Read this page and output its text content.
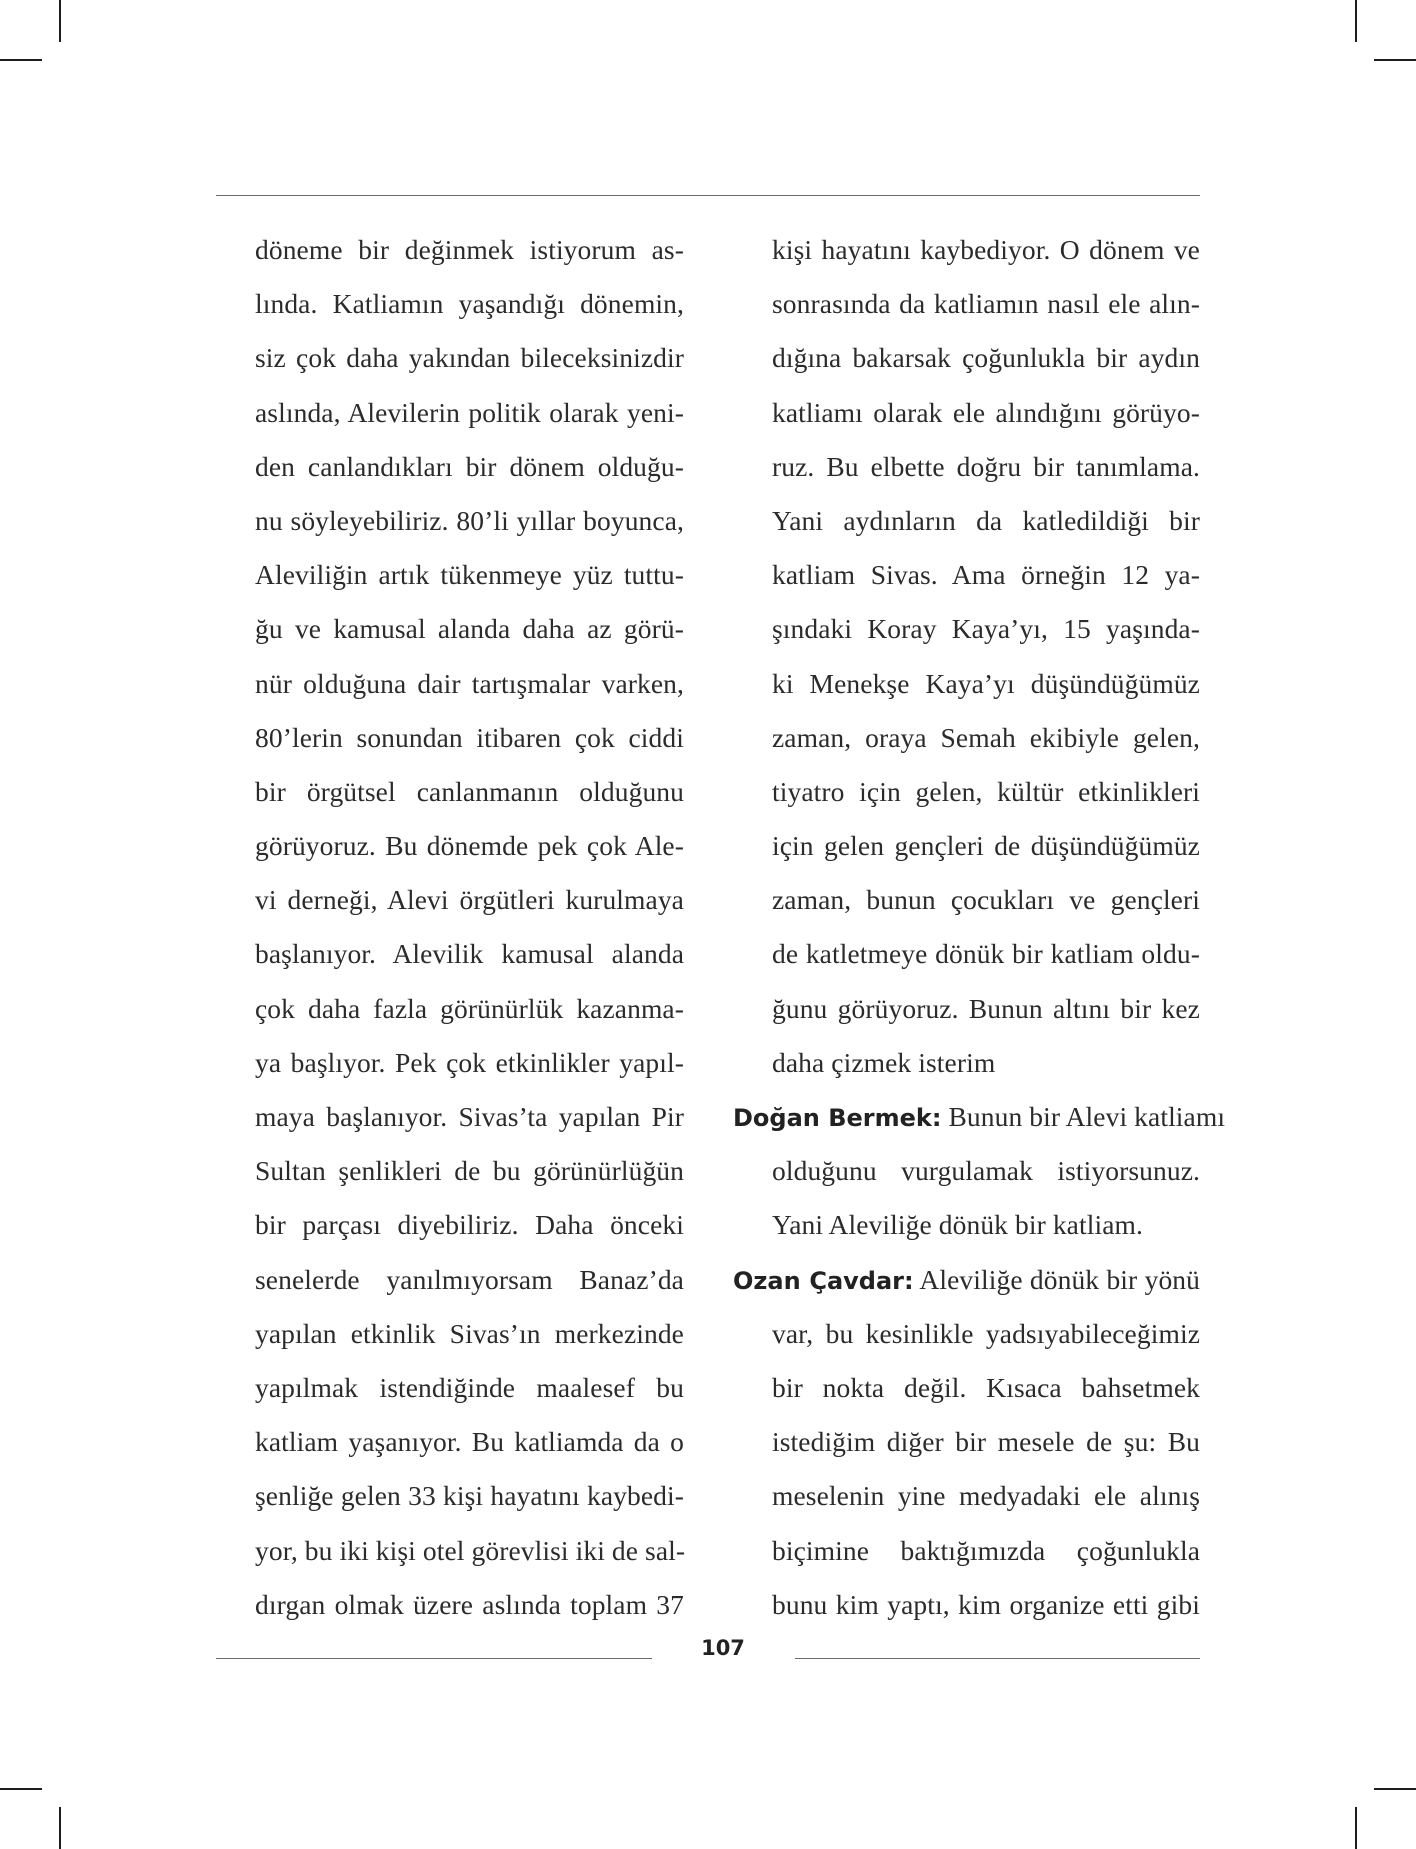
döneme bir değinmek istiyorum as-
lında. Katliamın yaşandığı dönemin,
siz çok daha yakından bileceksinizdir
aslında, Alevilerin politik olarak yeni-
den canlandıkları bir dönem olduğu-
nu söyleyebiliriz. 80’li yıllar boyunca,
Aleviliğin artık tükenmeye yüz tuttu-
ğu ve kamusal alanda daha az görü-
nür olduğuna dair tartışmalar varken,
80’lerin sonundan itibaren çok ciddi
bir örgütsel canlanmanın olduğunu
görüyoruz. Bu dönemde pek çok Ale-
vi derneği, Alevi örgütleri kurulmaya
başlanıyor. Alevilik kamusal alanda
çok daha fazla görünürlük kazanma-
ya başlıyor. Pek çok etkinlikler yapıl-
maya başlanıyor. Sivas’ta yapılan Pir
Sultan şenlikleri de bu görünürlüğün
bir parçası diyebiliriz. Daha önceki
senelerde yanılmıyorsam Banaz’da
yapılan etkinlik Sivas’ın merkezinde
yapılmak istendiğinde maalesef bu
katliam yaşanıyor. Bu katliamda da o
şenliğe gelen 33 kişi hayatını kaybedi-
yor, bu iki kişi otel görevlisi iki de sal-
dırgan olmak üzere aslında toplam 37
kişi hayatını kaybediyor. O dönem ve
sonrasında da katliamın nasıl ele alın-
dığına bakarsak çoğunlukla bir aydın
katliamı olarak ele alındığını görüyo-
ruz. Bu elbette doğru bir tanımlama.
Yani aydınların da katledildiği bir
katliam Sivas. Ama örneğin 12 ya-
şındaki Koray Kaya’yı, 15 yaşında-
ki Menekşe Kaya’yı düşündüğümüz
zaman, oraya Semah ekibiyle gelen,
tiyatro için gelen, kültür etkinlikleri
için gelen gençleri de düşündüğümüz
zaman, bunun çocukları ve gençleri
de katletmeye dönük bir katliam oldu-
ğunu görüyoruz. Bunun altını bir kez
daha çizmek isterim
Doğan Bermek: Bunun bir Alevi katliamı
olduğunu vurgulamak istiyorsunuz.
Yani Aleviliğe dönük bir katliam.
Ozan Çavdar: Aleviliğe dönük bir yönü
var, bu kesinlikle yadsıyabileceğimiz
bir nokta değil. Kısaca bahsetmek
istediğim diğer bir mesele de şu: Bu
meselenin yine medyadaki ele alınış
biçimine baktığımızda çoğunlukla
bunu kim yaptı, kim organize etti gibi
107
